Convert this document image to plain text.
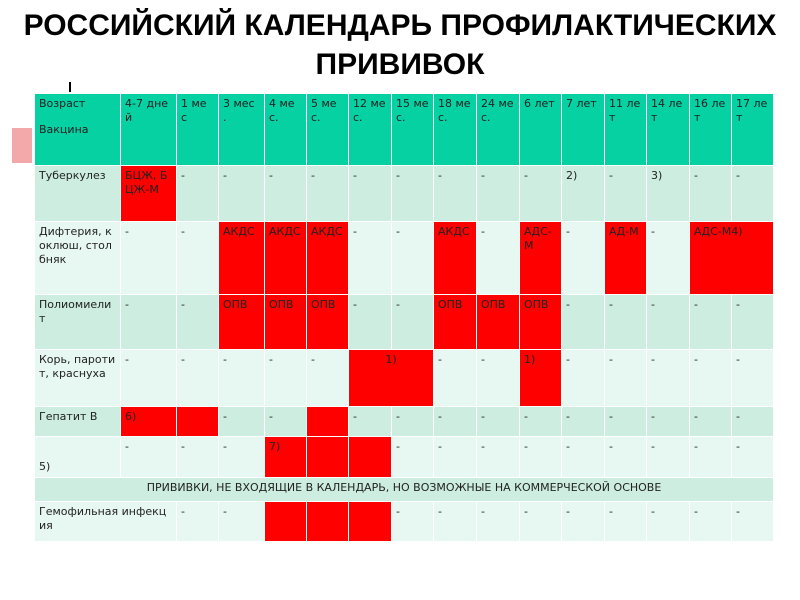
РОССИЙСКИЙ КАЛЕНДАРЬ ПРОФИЛАКТИЧЕСКИХ ПРИВИВОК
Возраст
Вакцина	4-7 дней	1 ме с	3 мес .	4 ме с.	5 ме с.	12 ме с.	15 ме с.	18 ме с.	24 ме с.	6 лет	7 лет	11 лет	14 лет	16 лет	17 лет
Туберкулез	БЦЖ, БЦЖ-М	-	-	-	-	-	-	-	-	-	2)	-	3)	-	-
Дифтерия, коклюш, столбняк	-	-	АКДС	АКДС	АКДС	-	-	АКДС	-	АДС-М	-	АД-М	-	АДС-М4)	
Полиомиелит	-	-	ОПВ	ОПВ	ОПВ	-	-	ОПВ	ОПВ	ОПВ	-	-	-	-	-
Корь, паротит, краснуха	-	-	-	-	-	1)		-	-	1)	-	-	-	-	-
Гепатит В	6)		-	-		-	-	-	-	-	-	-	-	-	-
5)	-	-	-	7)			-	-	-	-	-	-	-	-	-
ПРИВИВКИ, НЕ ВХОДЯЩИЕ В КАЛЕНДАРЬ, НО ВОЗМОЖНЫЕ НА КОММЕРЧЕСКОЙ ОСНОВЕ															
Гемофильная инфекция		-	-				-	-	-	-	-	-	-	-	-
